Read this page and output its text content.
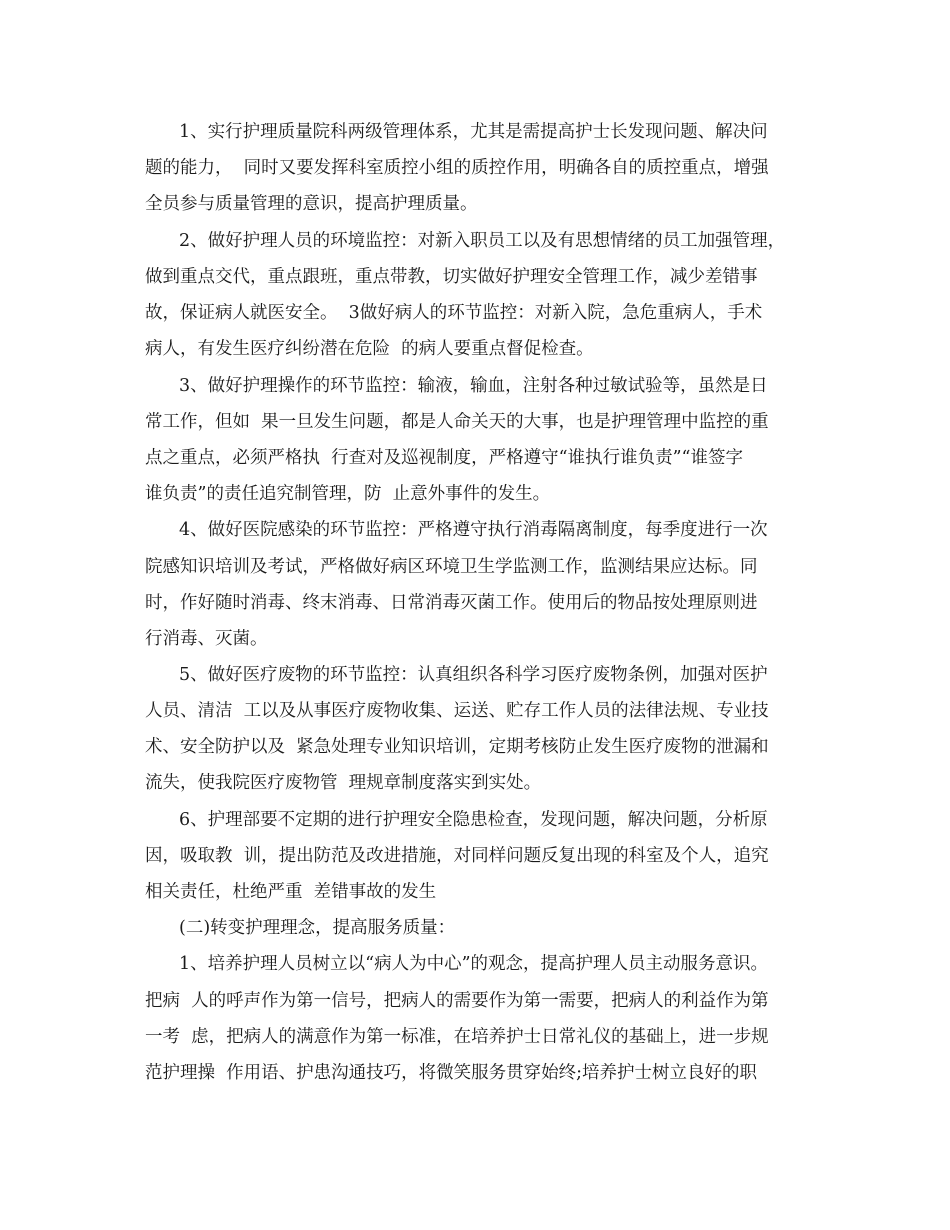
1、实行护理质量院科两级管理体系，尤其是需提高护士长发现问题、解决问
题的能力，  同时又要发挥科室质控小组的质控作用，明确各自的质控重点，增强
全员参与质量管理的意识，提高护理质量。
2、做好护理人员的环境监控：对新入职员工以及有思想情绪的员工加强管理，
做到重点交代，重点跟班，重点带教，切实做好护理安全管理工作，减少差错事
故，保证病人就医安全。  3做好病人的环节监控：对新入院，急危重病人，手术
病人，有发生医疗纠纷潜在危险  的病人要重点督促检查。
3、做好护理操作的环节监控：输液，输血，注射各种过敏试验等，虽然是日
常工作，但如  果一旦发生问题，都是人命关天的大事，也是护理管理中监控的重
点之重点，必须严格执  行查对及巡视制度，严格遵守“谁执行谁负责”“谁签字
谁负责”的责任追究制管理，防  止意外事件的发生。
4、做好医院感染的环节监控：严格遵守执行消毒隔离制度，每季度进行一次
院感知识培训及考试，严格做好病区环境卫生学监测工作，监测结果应达标。同
时，作好随时消毒、终末消毒、日常消毒灭菌工作。使用后的物品按处理原则进
行消毒、灭菌。
5、做好医疗废物的环节监控：认真组织各科学习医疗废物条例，加强对医护
人员、清洁  工以及从事医疗废物收集、运送、贮存工作人员的法律法规、专业技
术、安全防护以及  紧急处理专业知识培训，定期考核防止发生医疗废物的泄漏和
流失，使我院医疗废物管  理规章制度落实到实处。
6、护理部要不定期的进行护理安全隐患检查，发现问题，解决问题，分析原
因，吸取教  训，提出防范及改进措施，对同样问题反复出现的科室及个人，追究
相关责任，杜绝严重  差错事故的发生
(二)转变护理理念，提高服务质量：
1、培养护理人员树立以“病人为中心”的观念，提高护理人员主动服务意识。
把病  人的呼声作为第一信号，把病人的需要作为第一需要，把病人的利益作为第
一考  虑，把病人的满意作为第一标准，在培养护士日常礼仪的基础上，进一步规
范护理操  作用语、护患沟通技巧，将微笑服务贯穿始终;培养护士树立良好的职
